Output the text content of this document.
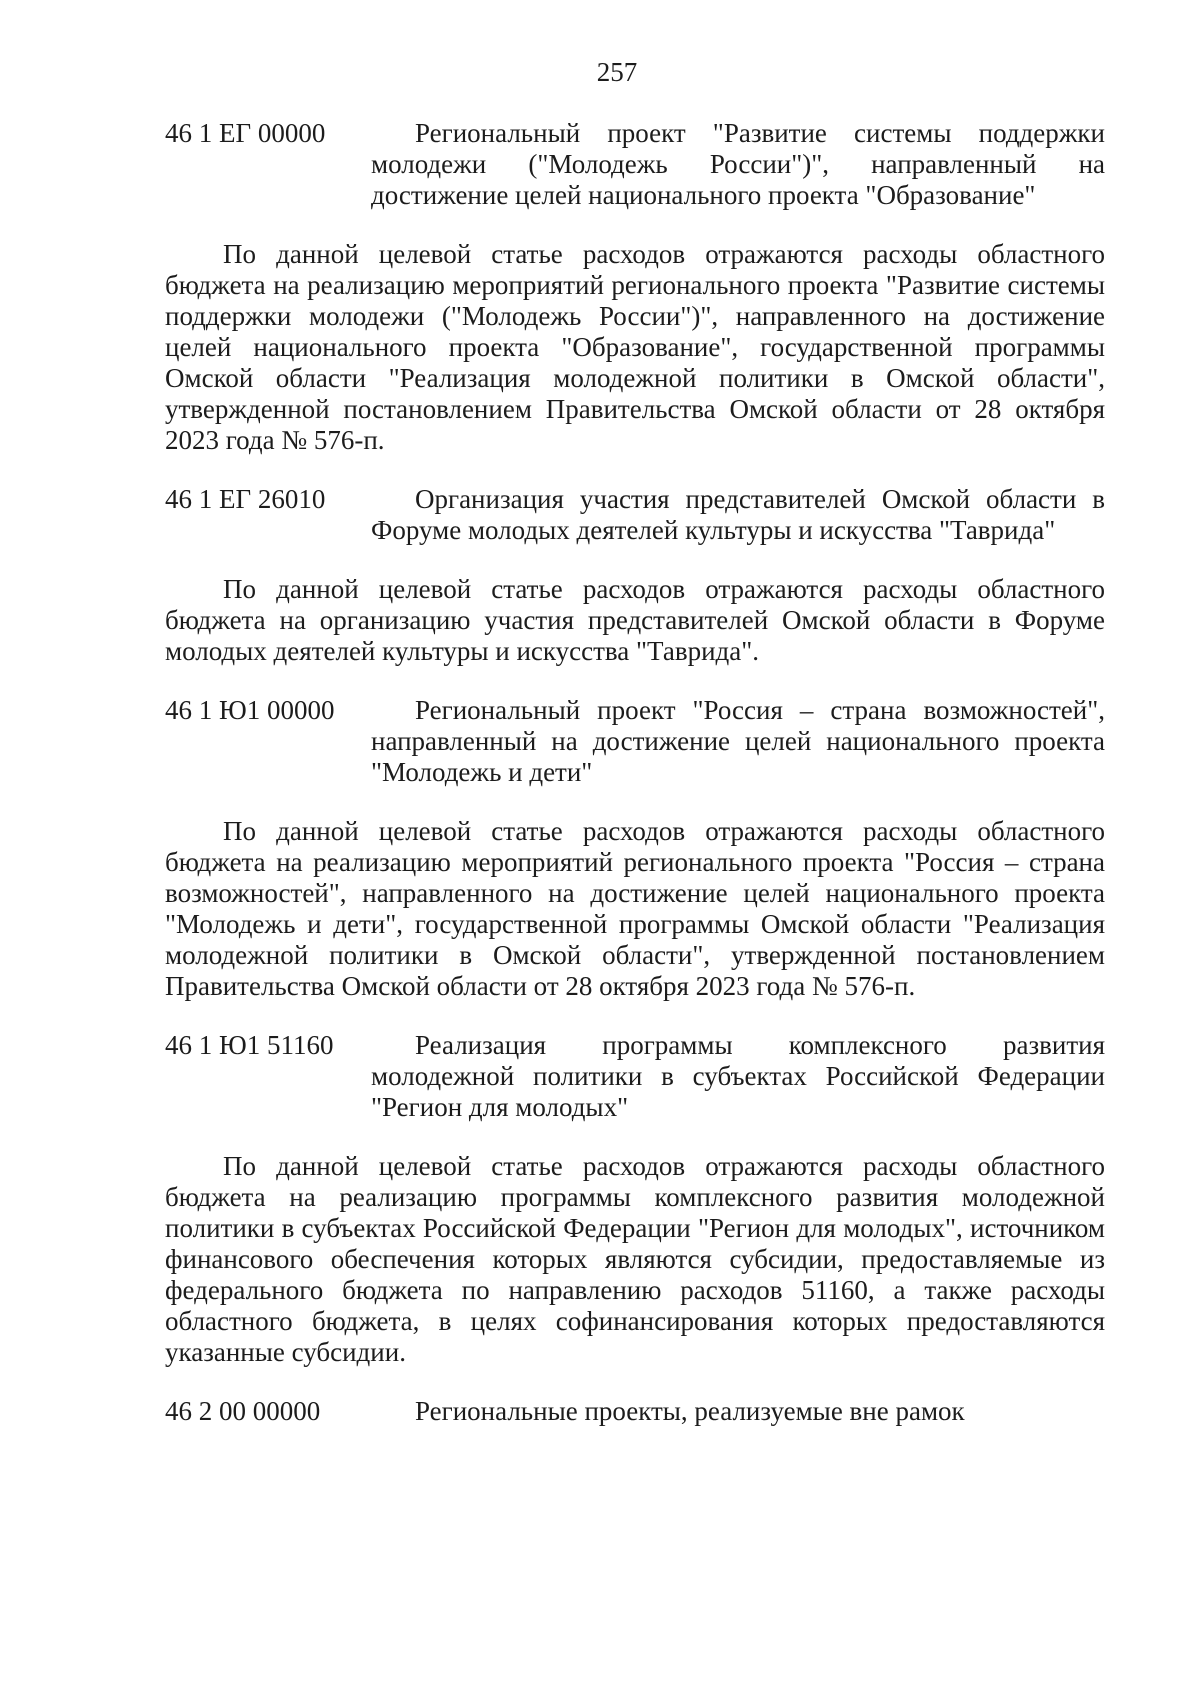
257
46 1 ЕГ 00000	Региональный проект "Развитие системы поддержки молодежи ("Молодежь России")", направленный на достижение целей национального проекта "Образование"
По данной целевой статье расходов отражаются расходы областного бюджета на реализацию мероприятий регионального проекта "Развитие системы поддержки молодежи ("Молодежь России")", направленного на достижение целей национального проекта "Образование", государственной программы Омской области "Реализация молодежной политики в Омской области", утвержденной постановлением Правительства Омской области от 28 октября 2023 года № 576-п.
46 1 ЕГ 26010	Организация участия представителей Омской области в Форуме молодых деятелей культуры и искусства "Таврида"
По данной целевой статье расходов отражаются расходы областного бюджета на организацию участия представителей Омской области в Форуме молодых деятелей культуры и искусства "Таврида".
46 1 Ю1 00000	Региональный проект "Россия – страна возможностей", направленный на достижение целей национального проекта "Молодежь и дети"
По данной целевой статье расходов отражаются расходы областного бюджета на реализацию мероприятий регионального проекта "Россия – страна возможностей", направленного на достижение целей национального проекта "Молодежь и дети", государственной программы Омской области "Реализация молодежной политики в Омской области", утвержденной постановлением Правительства Омской области от 28 октября 2023 года № 576-п.
46 1 Ю1 51160	Реализация программы комплексного развития молодежной политики в субъектах Российской Федерации "Регион для молодых"
По данной целевой статье расходов отражаются расходы областного бюджета на реализацию программы комплексного развития молодежной политики в субъектах Российской Федерации "Регион для молодых", источником финансового обеспечения которых являются субсидии, предоставляемые из федерального бюджета по направлению расходов 51160, а также расходы областного бюджета, в целях софинансирования которых предоставляются указанные субсидии.
46 2 00 00000	Региональные проекты, реализуемые вне рамок
